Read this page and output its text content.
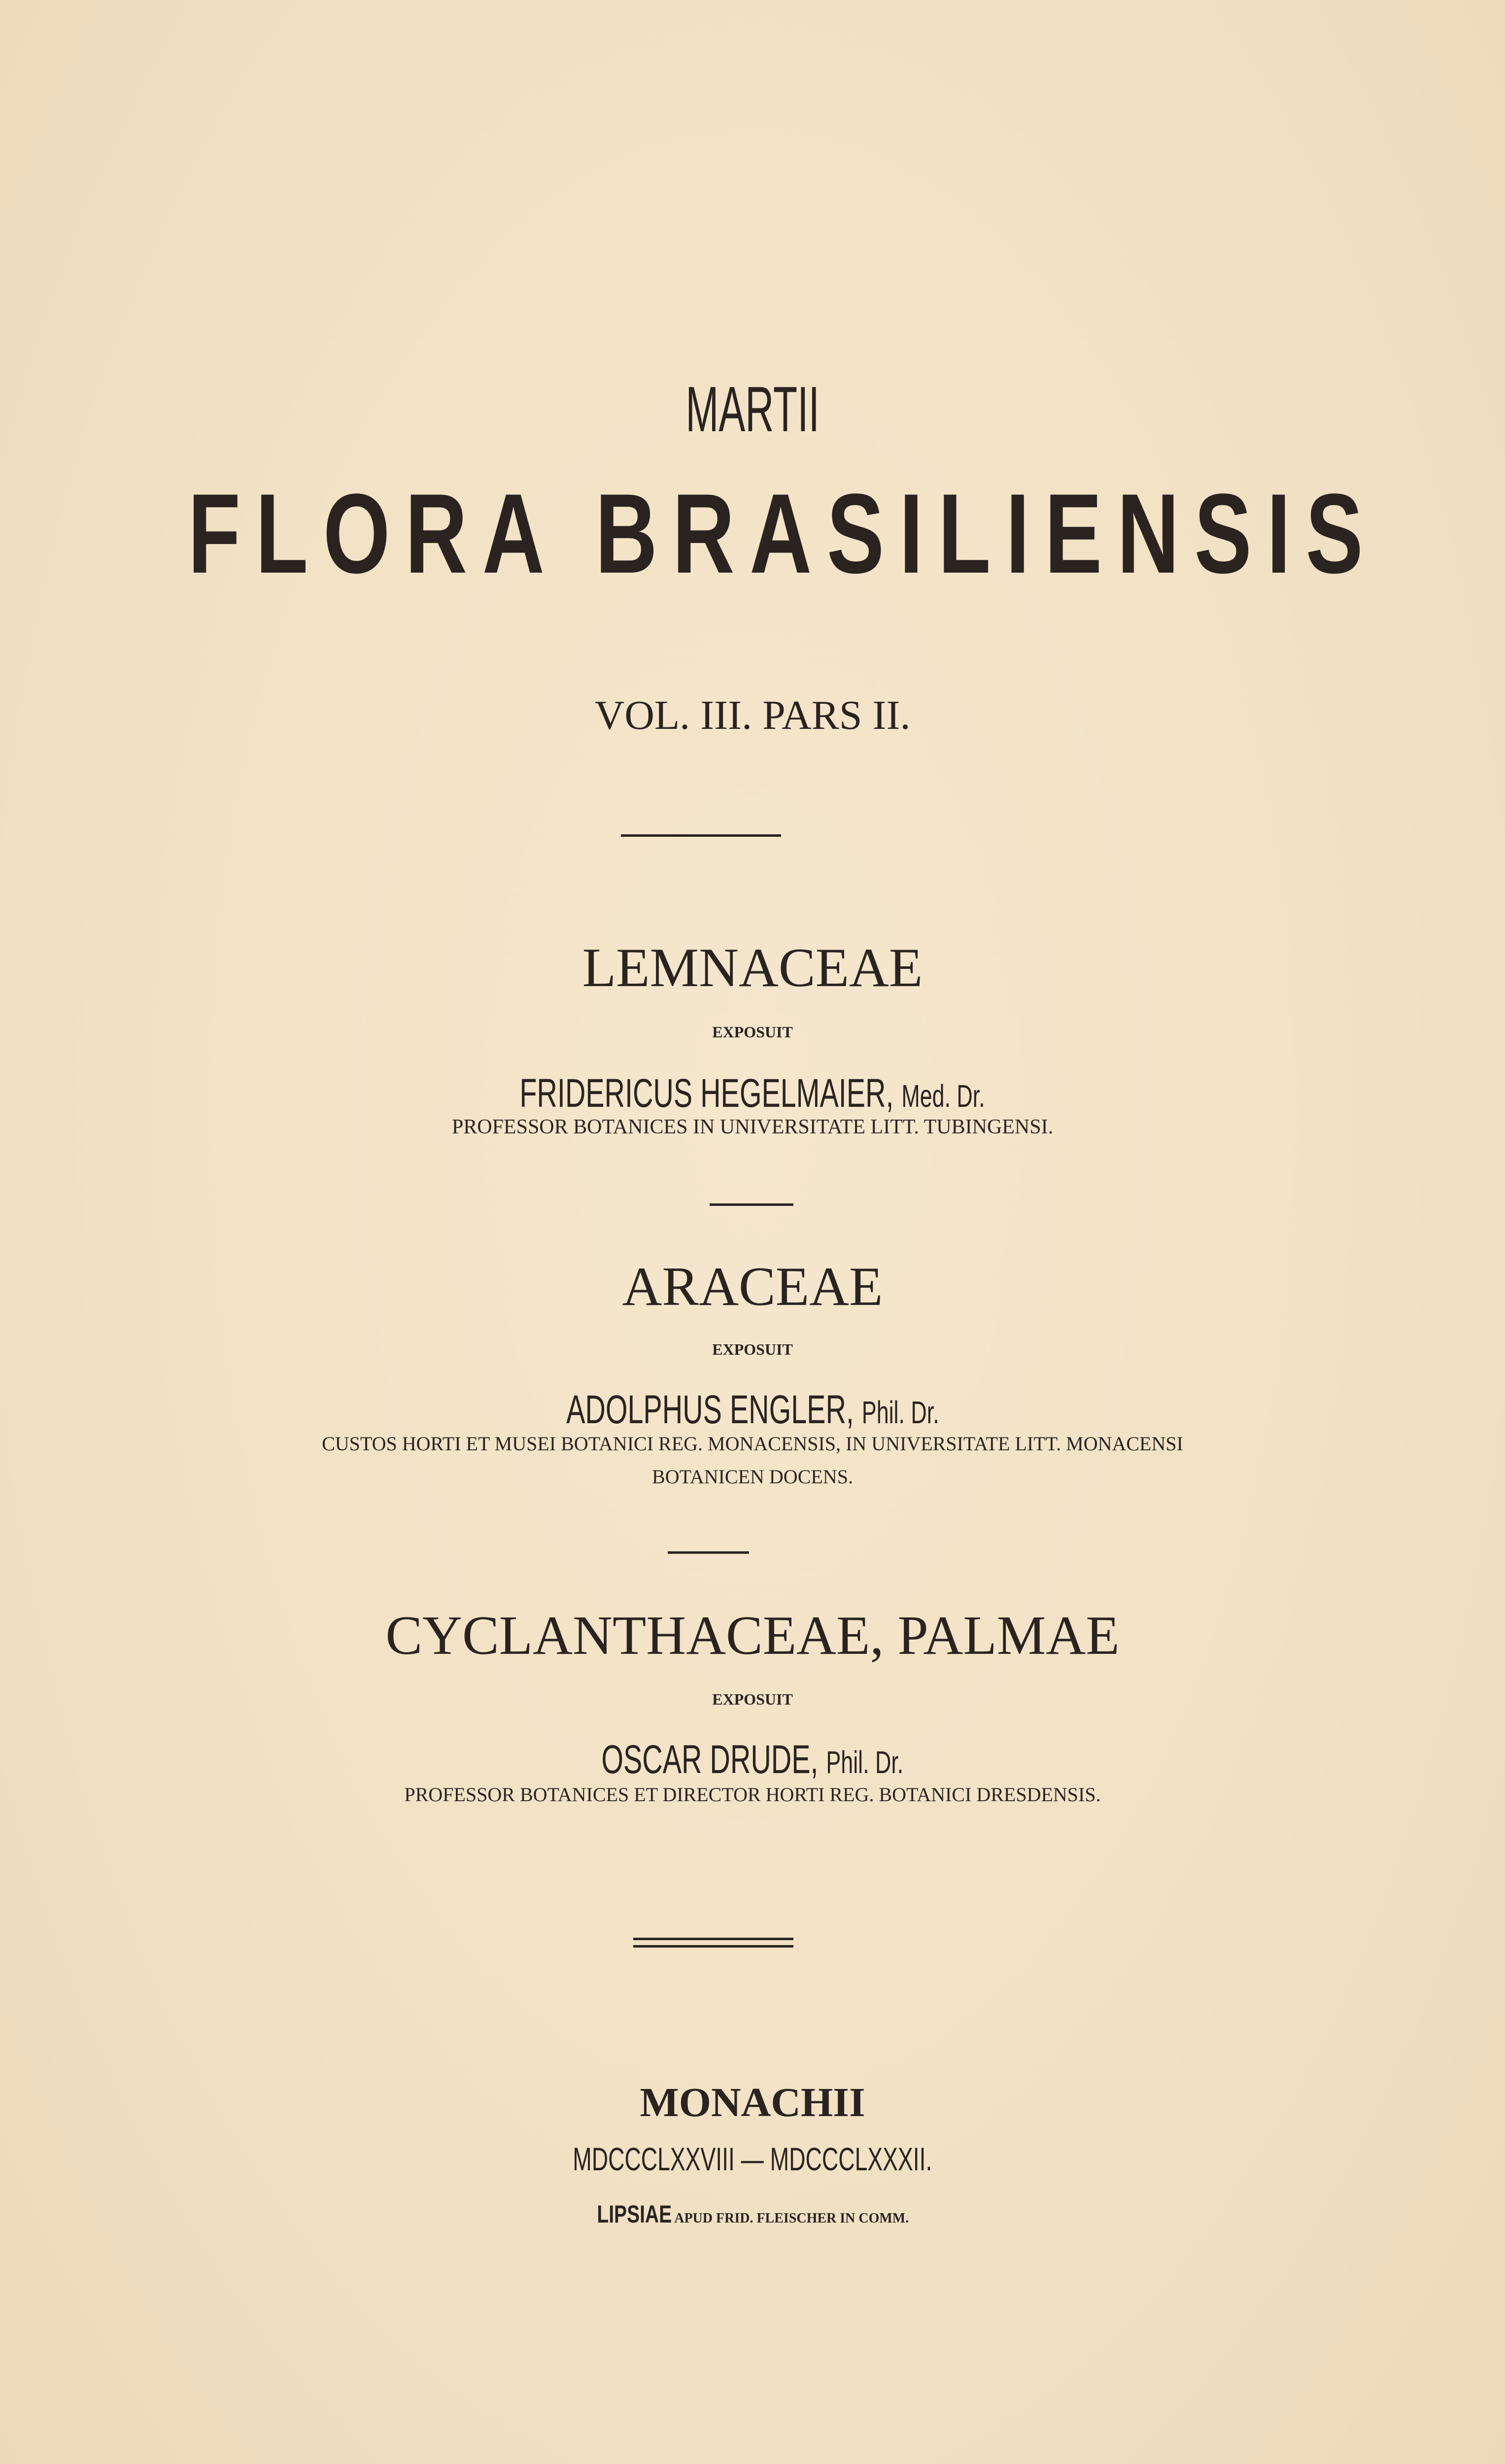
MARTII
FLORA BRASILIENSIS
VOL. III. PARS II.
LEMNACEAE
EXPOSUIT
FRIDERICUS HEGELMAIER, Med. Dr.
PROFESSOR BOTANICES IN UNIVERSITATE LITT. TUBINGENSI.
ARACEAE
EXPOSUIT
ADOLPHUS ENGLER, Phil. Dr.
CUSTOS HORTI ET MUSEI BOTANICI REG. MONACENSIS, IN UNIVERSITATE LITT. MONACENSI
BOTANICEN DOCENS.
CYCLANTHACEAE, PALMAE
EXPOSUIT
OSCAR DRUDE, Phil. Dr.
PROFESSOR BOTANICES ET DIRECTOR HORTI REG. BOTANICI DRESDENSIS.
MONACHII
MDCCCLXXVIII — MDCCCLXXXII.
LIPSIAE APUD FRID. FLEISCHER IN COMM.
